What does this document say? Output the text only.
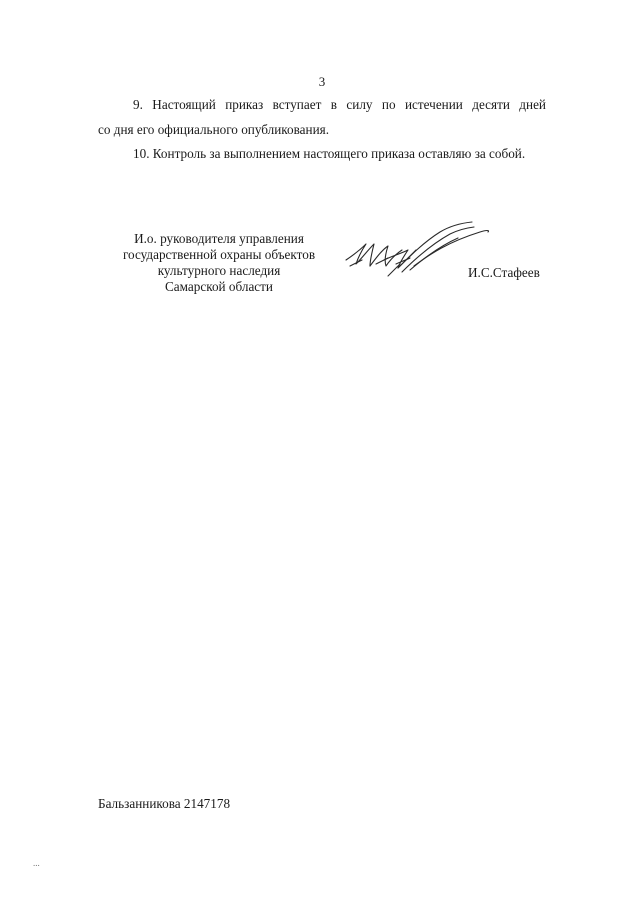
3
9. Настоящий приказ вступает в силу по истечении десяти дней
со дня его официального опубликования.
10. Контроль за выполнением настоящего приказа оставляю за собой.
И.о. руководителя управления
государственной охраны объектов
культурного наследия
Самарской области
И.С.Стафеев
Бальзанникова 2147178
...
